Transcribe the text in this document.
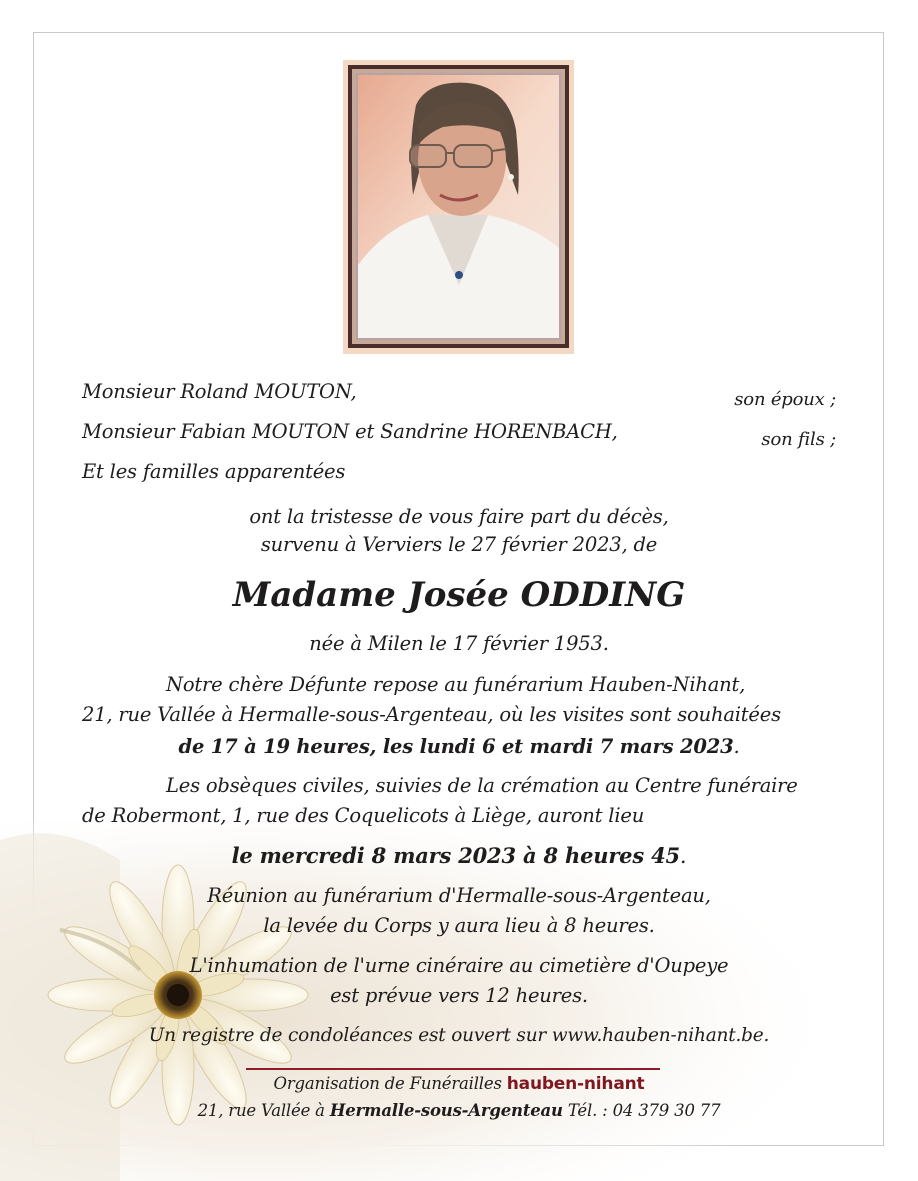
Monsieur Roland MOUTON,	son époux ;
Monsieur Fabian MOUTON et Sandrine HORENBACH,	son fils ;
Et les familles apparentées
ont la tristesse de vous faire part du décès,
survenu à Verviers le 27 février 2023, de
Madame Josée ODDING
née à Milen le 17 février 1953.
Notre chère Défunte repose au funérarium Hauben-Nihant,
21, rue Vallée à Hermalle-sous-Argenteau, où les visites sont souhaitées
de 17 à 19 heures, les lundi 6 et mardi 7 mars 2023.
Les obsèques civiles, suivies de la crémation au Centre funéraire
de Robermont, 1, rue des Coquelicots à Liège, auront lieu
le mercredi 8 mars 2023 à 8 heures 45.
Réunion au funérarium d'Hermalle-sous-Argenteau,
la levée du Corps y aura lieu à 8 heures.
L'inhumation de l'urne cinéraire au cimetière d'Oupeye
est prévue vers 12 heures.
Un registre de condoléances est ouvert sur www.hauben-nihant.be.
Organisation de Funérailles hauben-nihant
21, rue Vallée à Hermalle-sous-Argenteau Tél. : 04 379 30 77
